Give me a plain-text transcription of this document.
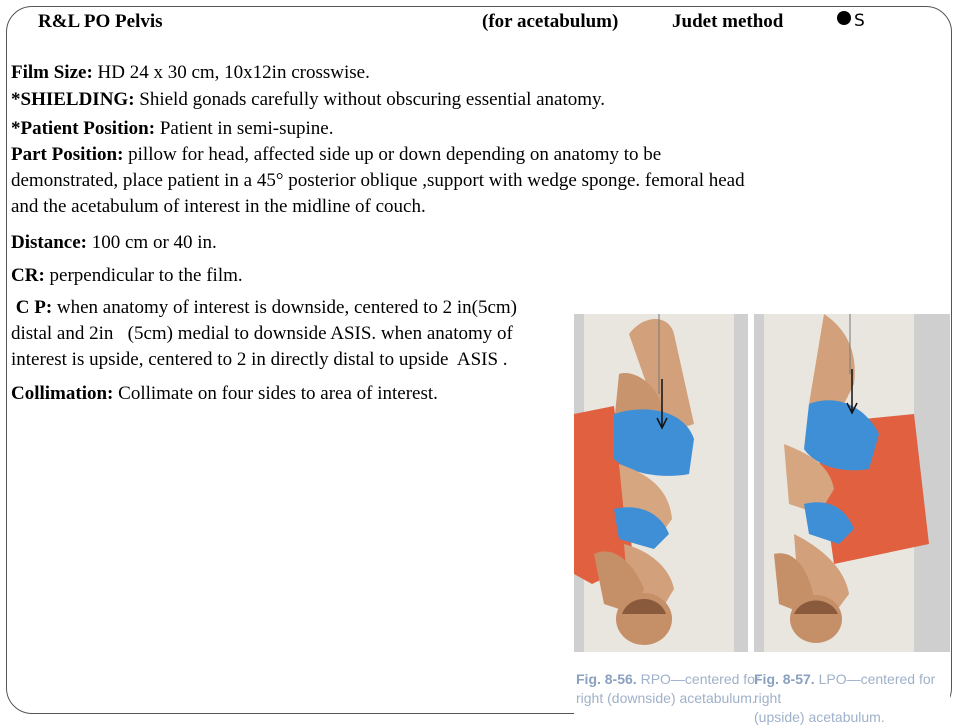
R&L PO Pelvis	(for acetabulum)	Judet method	S

Film Size: HD 24 x 30 cm, 10x12in crosswise.

*SHIELDING: Shield gonads carefully without obscuring essential anatomy.

*Patient Position: Patient in semi-supine.

Part Position: pillow for head, affected side up or down depending on anatomy to be demonstrated, place patient in a 45° posterior oblique ,support with wedge sponge. femoral head and the acetabulum of interest in the midline of couch.

Distance: 100 cm or 40 in.

CR: perpendicular to the film.

C P: when anatomy of interest is downside, centered to 2 in(5cm) distal and 2in   (5cm) medial to downside ASIS. when anatomy of interest is upside, centered to 2 in directly distal to upside  ASIS .

Collimation: Collimate on four sides to area of interest.

Fig. 8-56. RPO—centered for
right (downside) acetabulum.
Fig. 8-57. LPO—centered for right
(upside) acetabulum.
